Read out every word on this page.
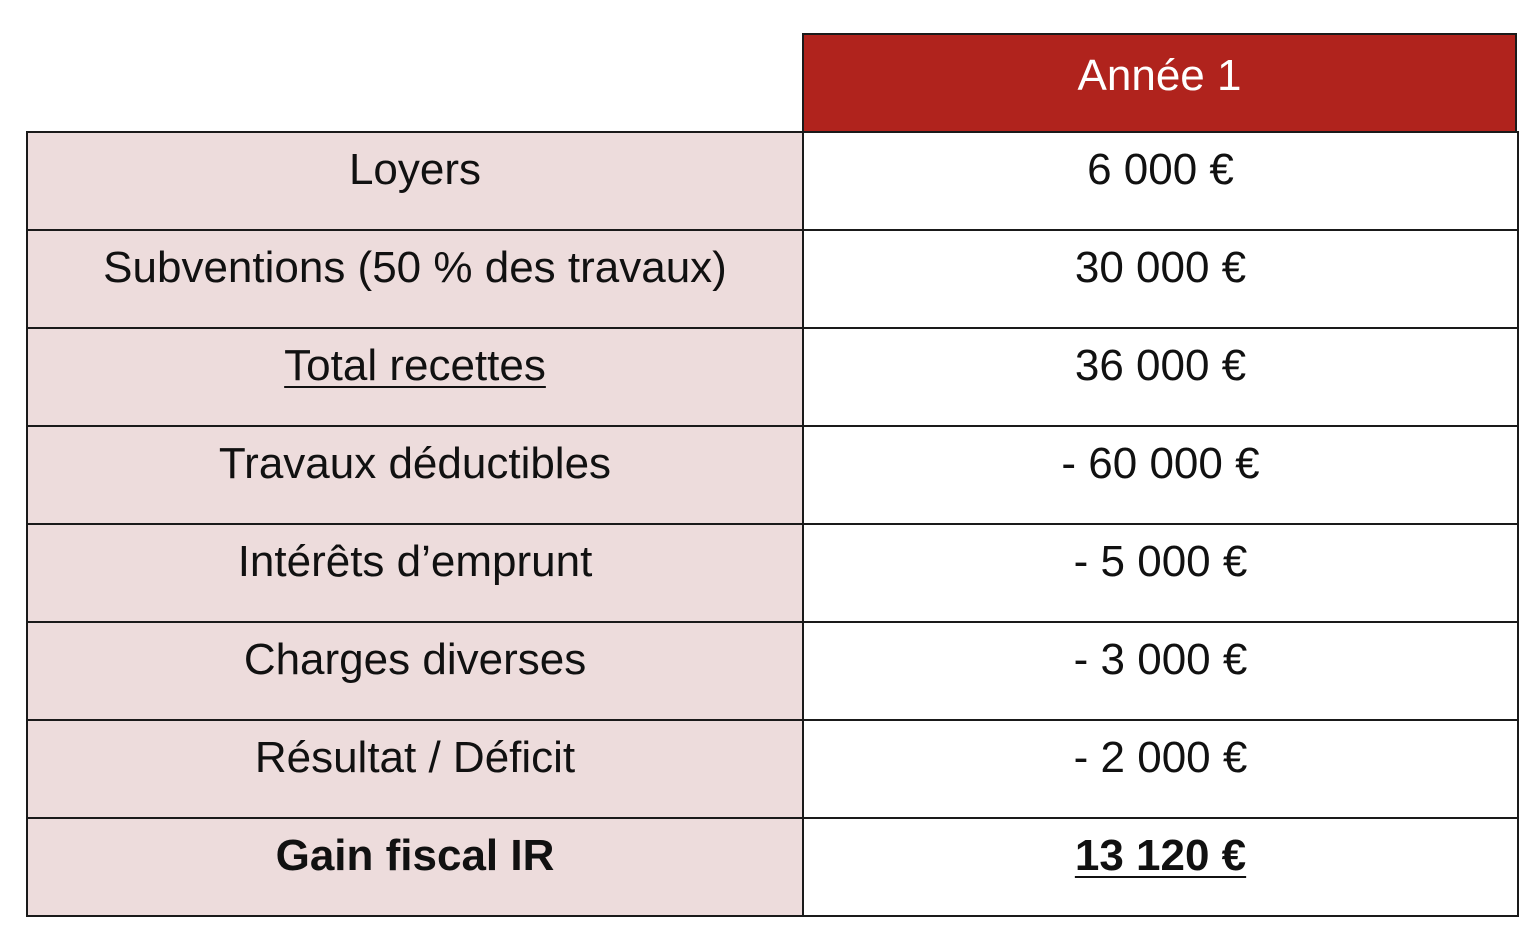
Année 1
Loyers	6 000 €
Subventions (50 % des travaux)	30 000 €
Total recettes	36 000 €
Travaux déductibles	- 60 000 €
Intérêts d’emprunt	- 5 000 €
Charges diverses	- 3 000 €
Résultat / Déficit	- 2 000 €
Gain fiscal IR	13 120 €
